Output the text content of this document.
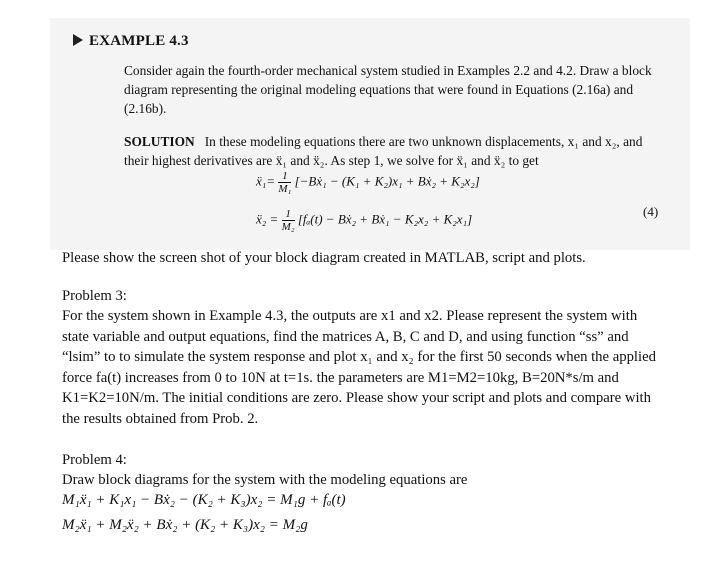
EXAMPLE 4.3
Consider again the fourth-order mechanical system studied in Examples 2.2 and 4.2. Draw a block diagram representing the original modeling equations that were found in Equations (2.16a) and (2.16b).
SOLUTION In these modeling equations there are two unknown displacements, x₁ and x₂, and their highest derivatives are ẍ₁ and ẍ₂. As step 1, we solve for ẍ₁ and ẍ₂ to get
ẍ₁= $\frac{1}{\text{M₁}}$ [−Bẋ₁ − (K₁ + K₂)x₁ + Bẋ₂ + K₂x₂]
ẍ₂ = $\frac{1}{\text{M₂}} [f_a(t)$ − Bẋ₂ + Bẋ₁ − K₂x₂ + K₂x₁]	(4)
Please show the screen shot of your block diagram created in MATLAB, script and plots.
Problem 3:
For the system shown in Example 4.3, the outputs are x1 and x2. Please represent the system with state variable and output equations, find the matrices A, B, C and D, and using function “ss” and “lsim” to to simulate the system response and plot x₁ and x₂ for the first 50 seconds when the applied force fa(t) increases from 0 to 10N at t=1s. the parameters are M1=M2=10kg, B=20N*s/m and K1=K2=10N/m. The initial conditions are zero. Please show your script and plots and compare with the results obtained from Prob. 2.
Problem 4:
Draw block diagrams for the system with the modeling equations are
M₁ẍ₁ + K₁x₁ − Bẋ₂ − (K₂ + K₃)x₂ = M₁g + fₐ(t)
M₂ẍ₁ + M₂ẍ₂ + Bẋ₂ + (K₂ + K₃)x₂ = M₂g
